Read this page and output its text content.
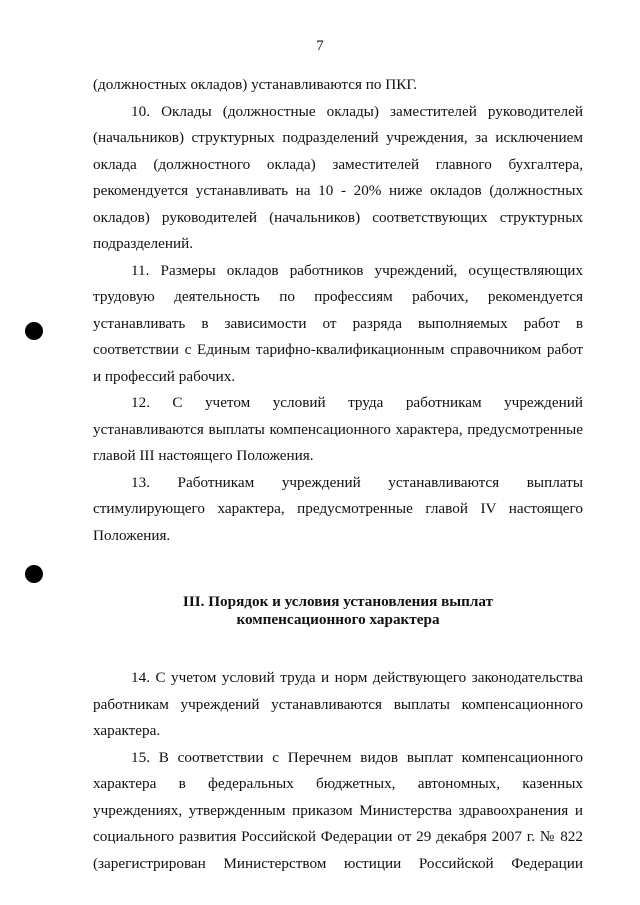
7

(должностных окладов) устанавливаются по ПКГ.

10. Оклады (должностные оклады) заместителей руководителей (начальников) структурных подразделений учреждения, за исключением оклада (должностного оклада) заместителей главного бухгалтера, рекомендуется устанавливать на 10 - 20% ниже окладов (должностных окладов) руководителей (начальников) соответствующих структурных подразделений.

11. Размеры окладов работников учреждений, осуществляющих трудовую деятельность по профессиям рабочих, рекомендуется устанавливать в зависимости от разряда выполняемых работ в соответствии с Единым тарифно-квалификационным справочником работ и профессий рабочих.

12. С учетом условий труда работникам учреждений устанавливаются выплаты компенсационного характера, предусмотренные главой III настоящего Положения.

13. Работникам учреждений устанавливаются выплаты стимулирующего характера, предусмотренные главой IV настоящего Положения.

III. Порядок и условия установления выплат
компенсационного характера

14. С учетом условий труда и норм действующего законодательства работникам учреждений устанавливаются выплаты компенсационного характера.

15. В соответствии с Перечнем видов выплат компенсационного характера в федеральных бюджетных, автономных, казенных учреждениях, утвержденным приказом Министерства здравоохранения и социального развития Российской Федерации от 29 декабря 2007 г. № 822 (зарегистрирован Министерством юстиции Российской Федерации
